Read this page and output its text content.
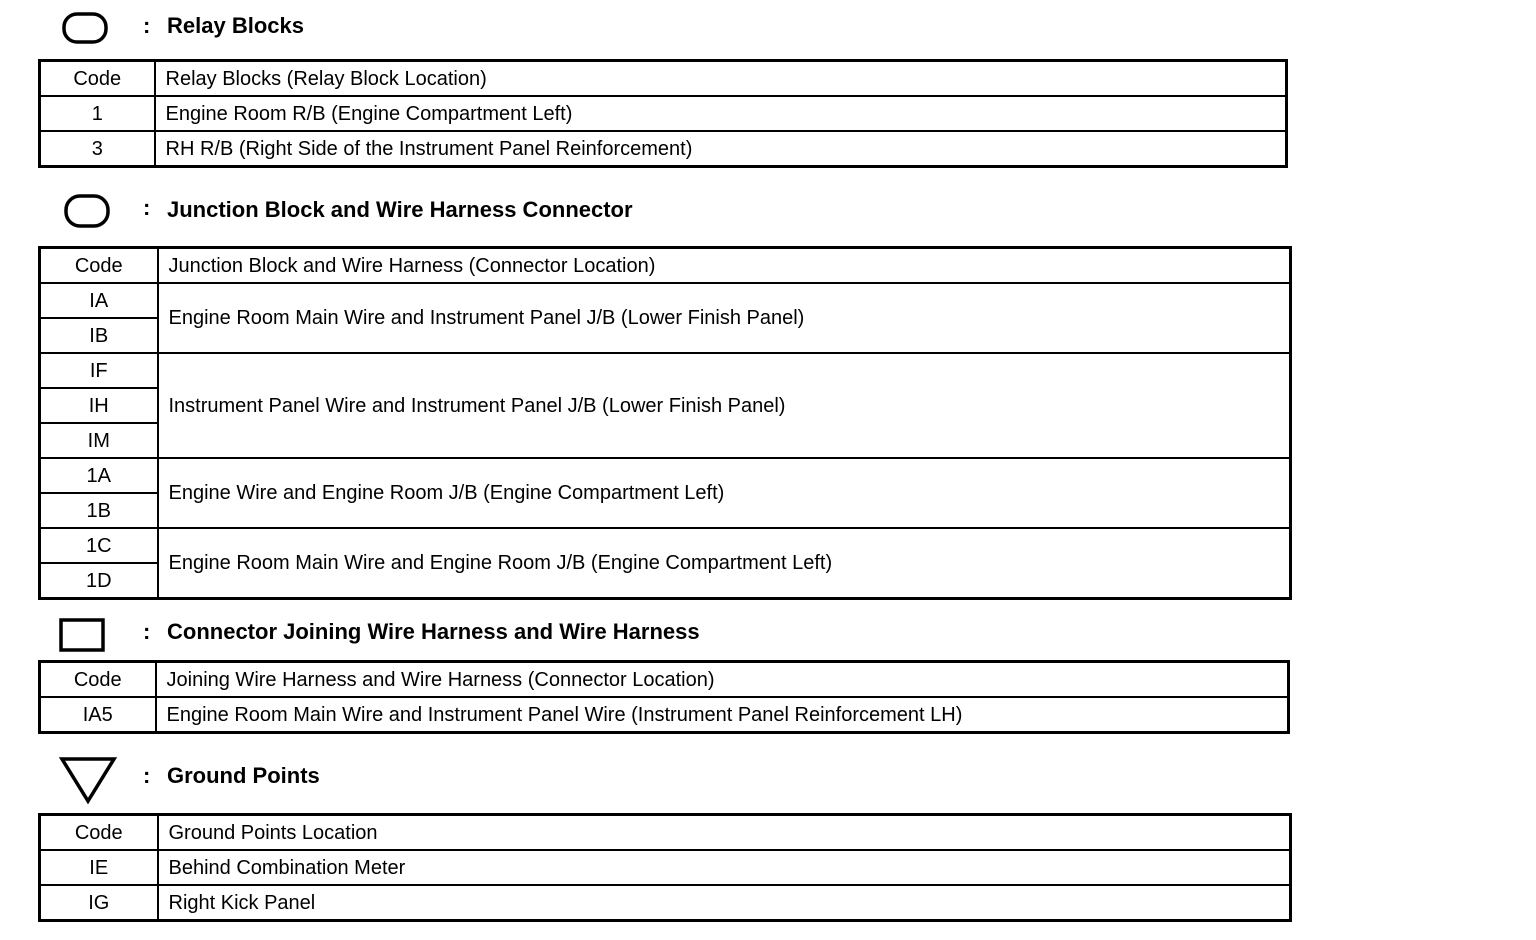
: Relay Blocks
Code	Relay Blocks (Relay Block Location)
1	Engine Room R/B (Engine Compartment Left)
3	RH R/B (Right Side of the Instrument Panel Reinforcement)
: Junction Block and Wire Harness Connector
Code	Junction Block and Wire Harness (Connector Location)
IA	Engine Room Main Wire and Instrument Panel J/B (Lower Finish Panel)
IB	
IF	Instrument Panel Wire and Instrument Panel J/B (Lower Finish Panel)
IH	
IM	
1A	Engine Wire and Engine Room J/B (Engine Compartment Left)
1B	
1C	Engine Room Main Wire and Engine Room J/B (Engine Compartment Left)
1D	
: Connector Joining Wire Harness and Wire Harness
Code	Joining Wire Harness and Wire Harness (Connector Location)
IA5	Engine Room Main Wire and Instrument Panel Wire (Instrument Panel Reinforcement LH)
: Ground Points
Code	Ground Points Location
IE	Behind Combination Meter
IG	Right Kick Panel
